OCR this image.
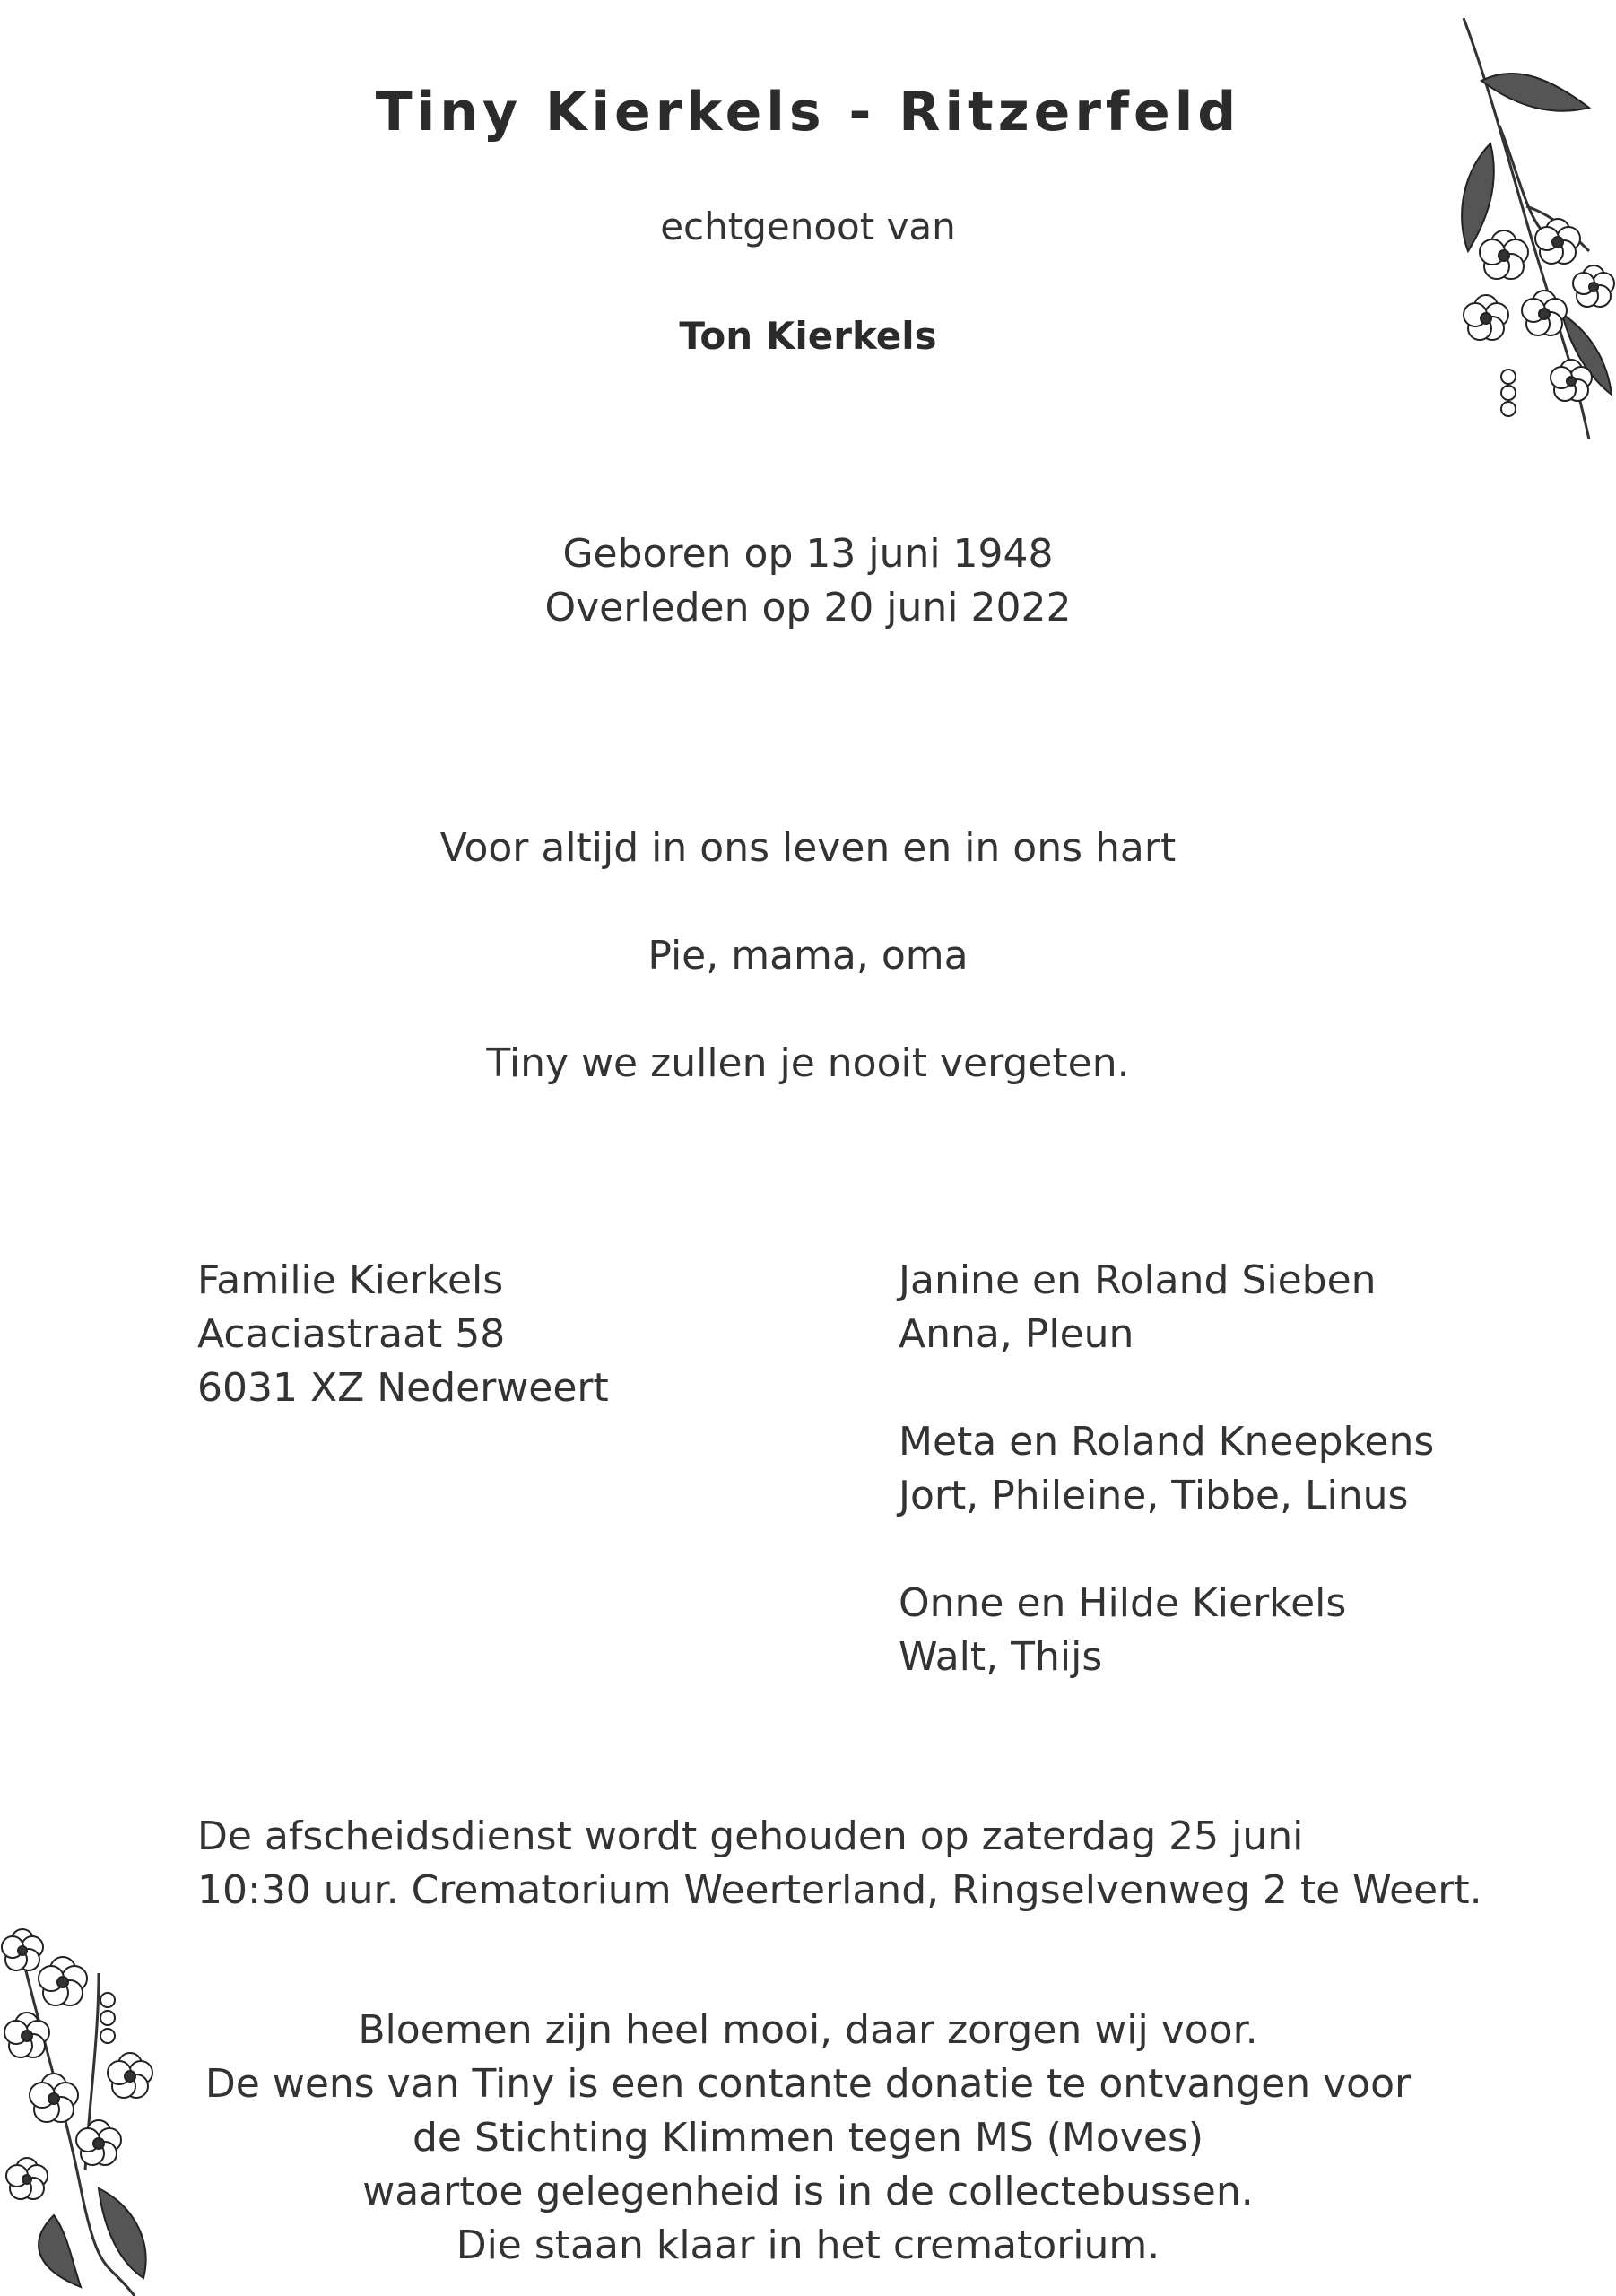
Tiny Kierkels - Ritzerfeld
echtgenoot van
Ton Kierkels
Geboren op 13 juni 1948
Overleden op 20 juni 2022
Voor altijd in ons leven en in ons hart
Pie, mama, oma
Tiny we zullen je nooit vergeten.
Familie Kierkels
Acaciastraat 58
6031 XZ Nederweert
Janine en Roland Sieben
Anna, Pleun
Meta en Roland Kneepkens
Jort, Phileine, Tibbe, Linus
Onne en Hilde Kierkels
Walt, Thijs
De afscheidsdienst wordt gehouden op zaterdag 25 juni
10:30 uur. Crematorium Weerterland, Ringselvenweg 2 te Weert.
Bloemen zijn heel mooi, daar zorgen wij voor.
De wens van Tiny is een contante donatie te ontvangen voor
de Stichting Klimmen tegen MS (Moves)
waartoe gelegenheid is in de collectebussen.
Die staan klaar in het crematorium.
